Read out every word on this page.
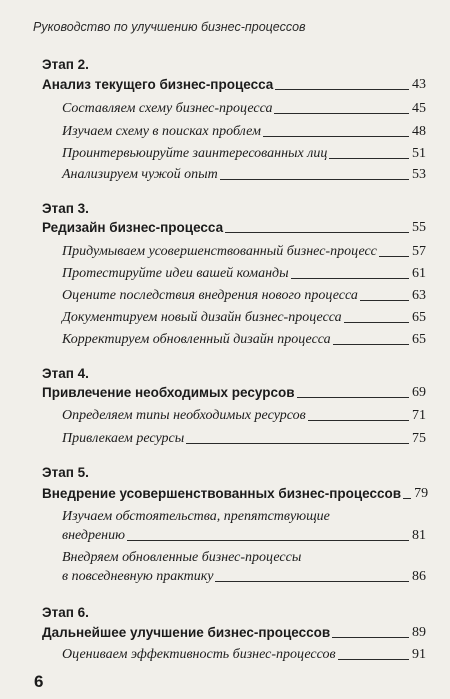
Руководство по улучшению бизнес-процессов
Этап 2.
Анализ текущего бизнес-процесса	43
Составляем схему бизнес-процесса	45
Изучаем схему в поисках проблем	48
Проинтервьюируйте заинтересованных лиц	51
Анализируем чужой опыт	53
Этап 3.
Редизайн бизнес-процесса	55
Придумываем усовершенствованный бизнес-процесс	57
Протестируйте идеи вашей команды	61
Оцените последствия внедрения нового процесса	63
Документируем новый дизайн бизнес-процесса	65
Корректируем обновленный дизайн процесса	65
Этап 4.
Привлечение необходимых ресурсов	69
Определяем типы необходимых ресурсов	71
Привлекаем ресурсы	75
Этап 5.
Внедрение усовершенствованных бизнес-процессов 79
Изучаем обстоятельства, препятствующие
внедрению	81
Внедряем обновленные бизнес-процессы
в повседневную практику	86
Этап 6.
Дальнейшее улучшение бизнес-процессов	89
Оцениваем эффективность бизнес-процессов	91
6
